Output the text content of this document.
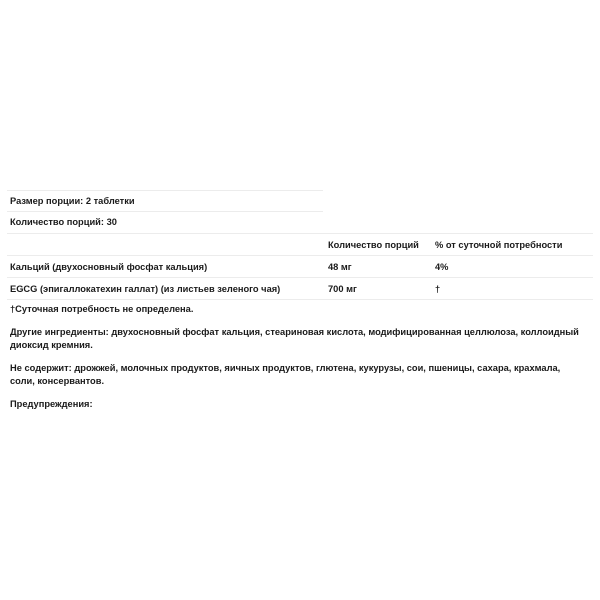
Размер порции: 2 таблетки
Количество порций: 30
	Количество порций	% от суточной потребности
Кальций (двухосновный фосфат кальция)	48 мг	4%
EGCG (эпигаллокатехин галлат) (из листьев зеленого чая)	700 мг	†

†Суточная потребность не определена.

Другие ингредиенты: двухосновный фосфат кальция, стеариновая кислота, модифицированная целлюлоза, коллоидный диоксид кремния.

Не содержит: дрожжей, молочных продуктов, яичных продуктов, глютена, кукурузы, сои, пшеницы, сахара, крахмала, соли, консервантов.

Предупреждения:
